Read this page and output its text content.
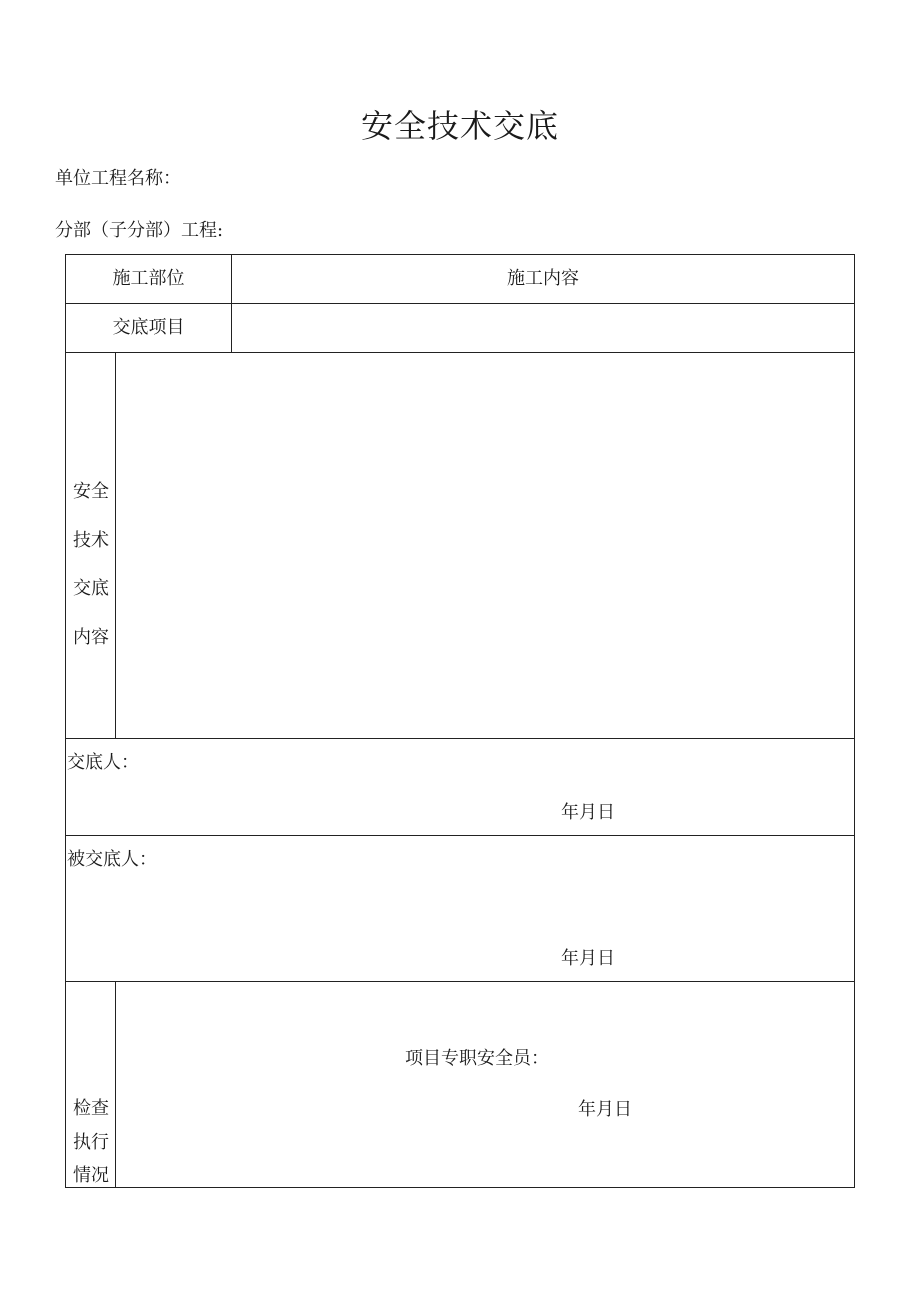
安全技术交底
单位工程名称：
分部（子分部）工程:
施工部位	施工内容
交底项目
安全
技术
交底
内容
交底人：
年月日
被交底人：
年月日
检查
执行
情况
项目专职安全员：
年月日
